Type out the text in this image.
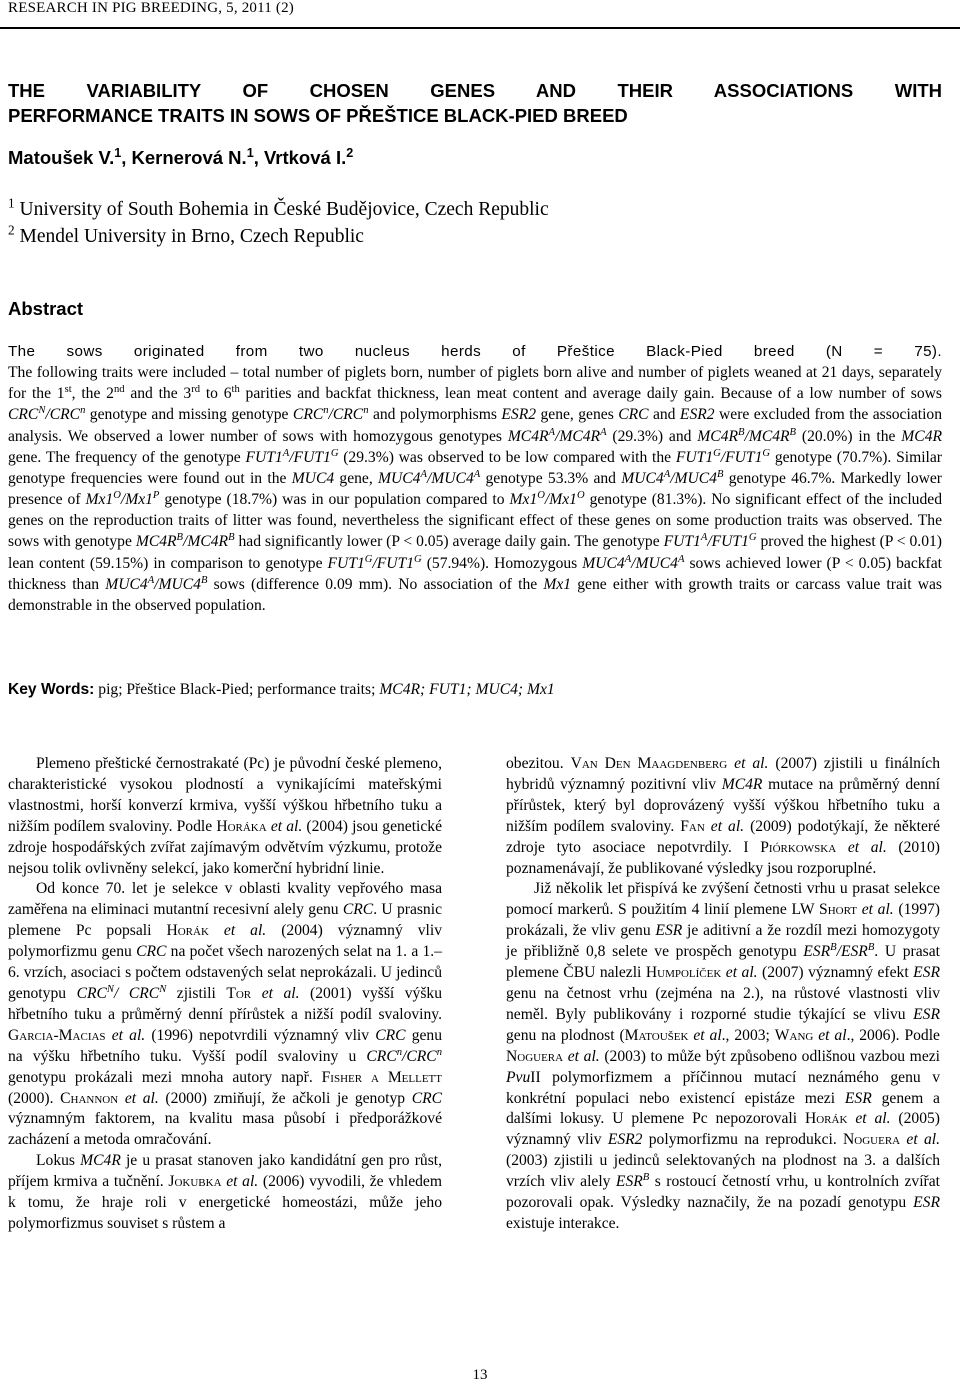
RESEARCH IN PIG BREEDING, 5, 2011 (2)
THE VARIABILITY OF CHOSEN GENES AND THEIR ASSOCIATIONS WITH
PERFORMANCE TRAITS IN SOWS OF PŘEŠTICE BLACK-PIED BREED
Matoušek V.$^1$, Kernerová N.$^1$, Vrtková I.$^2$
$^1$ University of South Bohemia in České Budějovice, Czech Republic
$^2$ Mendel University in Brno, Czech Republic
Abstract
The sows originated from two nucleus herds of Přeštice Black-Pied breed (N = 75).
The following traits were included – total number of piglets born, number of piglets born alive and number of piglets weaned at 21 days, separately for the 1st, the 2nd and the 3rd to 6th parities and backfat thickness, lean meat content and average daily gain. Because of a low number of sows $CRC^N/CRC^n$ genotype and missing genotype CRC$^n$/CRC$^n$ and polymorphisms ESR2 gene, genes CRC and ESR2 were excluded from the association analysis. We observed a lower number of sows with homozygous genotypes $MC4R^A/MC4R^A$ (29.3%) and $MC4R^B/MC4R^B$ (20.0%) in the MC4R gene. The frequency of the genotype $FUT1^A/FUT1^G$ (29.3%) was observed to be low compared with the $FUT1^G/FUT1^G$ genotype (70.7%). Similar genotype frequencies were found out in the MUC4 gene, $MUC4^A/MUC4^A$ genotype 53.3% and $MUC4^A/MUC4^B$ genotype 46.7%. Markedly lower presence of $Mx1^O/Mx1^P$ genotype (18.7%) was in our population compared to $Mx1^O/Mx1^O$ genotype (81.3%). No significant effect of the included genes on the reproduction traits of litter was found, nevertheless the significant effect of these genes on some production traits was observed. The sows with genotype $MC4R^B/MC4R^B$ had significantly lower (P < 0.05) average daily gain. The genotype $FUT1^A/FUT1^G$ proved the highest (P < 0.01) lean content (59.15%) in comparison to genotype $FUT1^G/FUT1^G$ (57.94%). Homozygous $MUC4^A/MUC4^A$ sows achieved lower (P < 0.05) backfat thickness than $MUC4^A/MUC4^B$ sows (difference 0.09 mm). No association of the Mx1 gene either with growth traits or carcass value trait was demonstrable in the observed population.
Key Words: pig; Přeštice Black-Pied; performance traits; MC4R; FUT1; MUC4; Mx1

Plemeno přeštické černostrakaté (Pc) je původní české plemeno, charakteristické vysokou plodností a vynikajícími mateřskými vlastnostmi, horší konverzí krmiva, vyšší výškou hřbetního tuku a nižším podílem svaloviny. Podle Horáka et al. (2004) jsou genetické zdroje hospodářských zvířat zajímavým odvětvím výzkumu, protože nejsou tolik ovlivněny selekcí, jako komerční hybridní linie.

Od konce 70. let je selekce v oblasti kvality vepřového masa zaměřena na eliminaci mutantní recesivní alely genu CRC. U prasnic plemene Pc popsali Horák et al. (2004) významný vliv polymorfizmu genu CRC na počet všech narozených selat na 1. a 1.–6. vrzích, asociaci s počtem odstavených selat neprokázali. U jedinců genotypu $CRC^N/$ $CRC^N$ zjistili Tor et al. (2001) vyšší výšku hřbetního tuku a průměrný denní přírůstek a nižší podíl svaloviny. Garcia-Macias et al. (1996) nepotvrdili významný vliv CRC genu na výšku hřbetního tuku. Vyšší podíl svaloviny u CRC$^n$/CRC$^n$ genotypu prokázali mezi mnoha autory např. Fisher a Mellett (2000). Channon et al. (2000) zmiňují, že ačkoli je genotyp CRC významným faktorem, na kvalitu masa působí i předporážkové zacházení a metoda omračování.

Lokus MC4R je u prasat stanoven jako kandidátní gen pro růst, příjem krmiva a tučnění. Jokubka et al. (2006) vyvodili, že vhledem k tomu, že hraje roli v energetické homeostázi, může jeho polymorfizmus souviset s růstem a

obezitou. Van Den Maagdenberg et al. (2007) zjistili u finálních hybridů významný pozitivní vliv MC4R mutace na průměrný denní přírůstek, který byl doprovázený vyšší výškou hřbetního tuku a nižším podílem svaloviny. Fan et al. (2009) podotýkají, že některé zdroje tyto asociace nepotvrdily. I Piórkowska et al. (2010) poznamenávají, že publikované výsledky jsou rozporuplné.

Již několik let přispívá ke zvýšení četnosti vrhu u prasat selekce pomocí markerů. S použitím 4 linií plemene LW Short et al. (1997) prokázali, že vliv genu ESR je aditivní a že rozdíl mezi homozygoty je přibližně 0,8 selete ve prospěch genotypu $ESR^B/ESR^B$. U prasat plemene ČBU nalezli Humpolíček et al. (2007) významný efekt ESR genu na četnost vrhu (zejména na 2.), na růstové vlastnosti vliv neměl. Byly publikovány i rozporné studie týkající se vlivu ESR genu na plodnost (Matoušek et al., 2003; Wang et al., 2006). Podle Noguera et al. (2003) to může být způsobeno odlišnou vazbou mezi PvuII polymorfizmem a příčinnou mutací neznámého genu v konkrétní populaci nebo existencí epistáze mezi ESR genem a dalšími lokusy. U plemene Pc nepozorovali Horák et al. (2005) významný vliv ESR2 polymorfizmu na reprodukci. Noguera et al. (2003) zjistili u jedinců selektovaných na plodnost na 3. a dalších vrzích vliv alely $ESR^B$ s rostoucí četností vrhu, u kontrolních zvířat pozorovali opak. Výsledky naznačily, že na pozadí genotypu ESR existuje interakce.

13
